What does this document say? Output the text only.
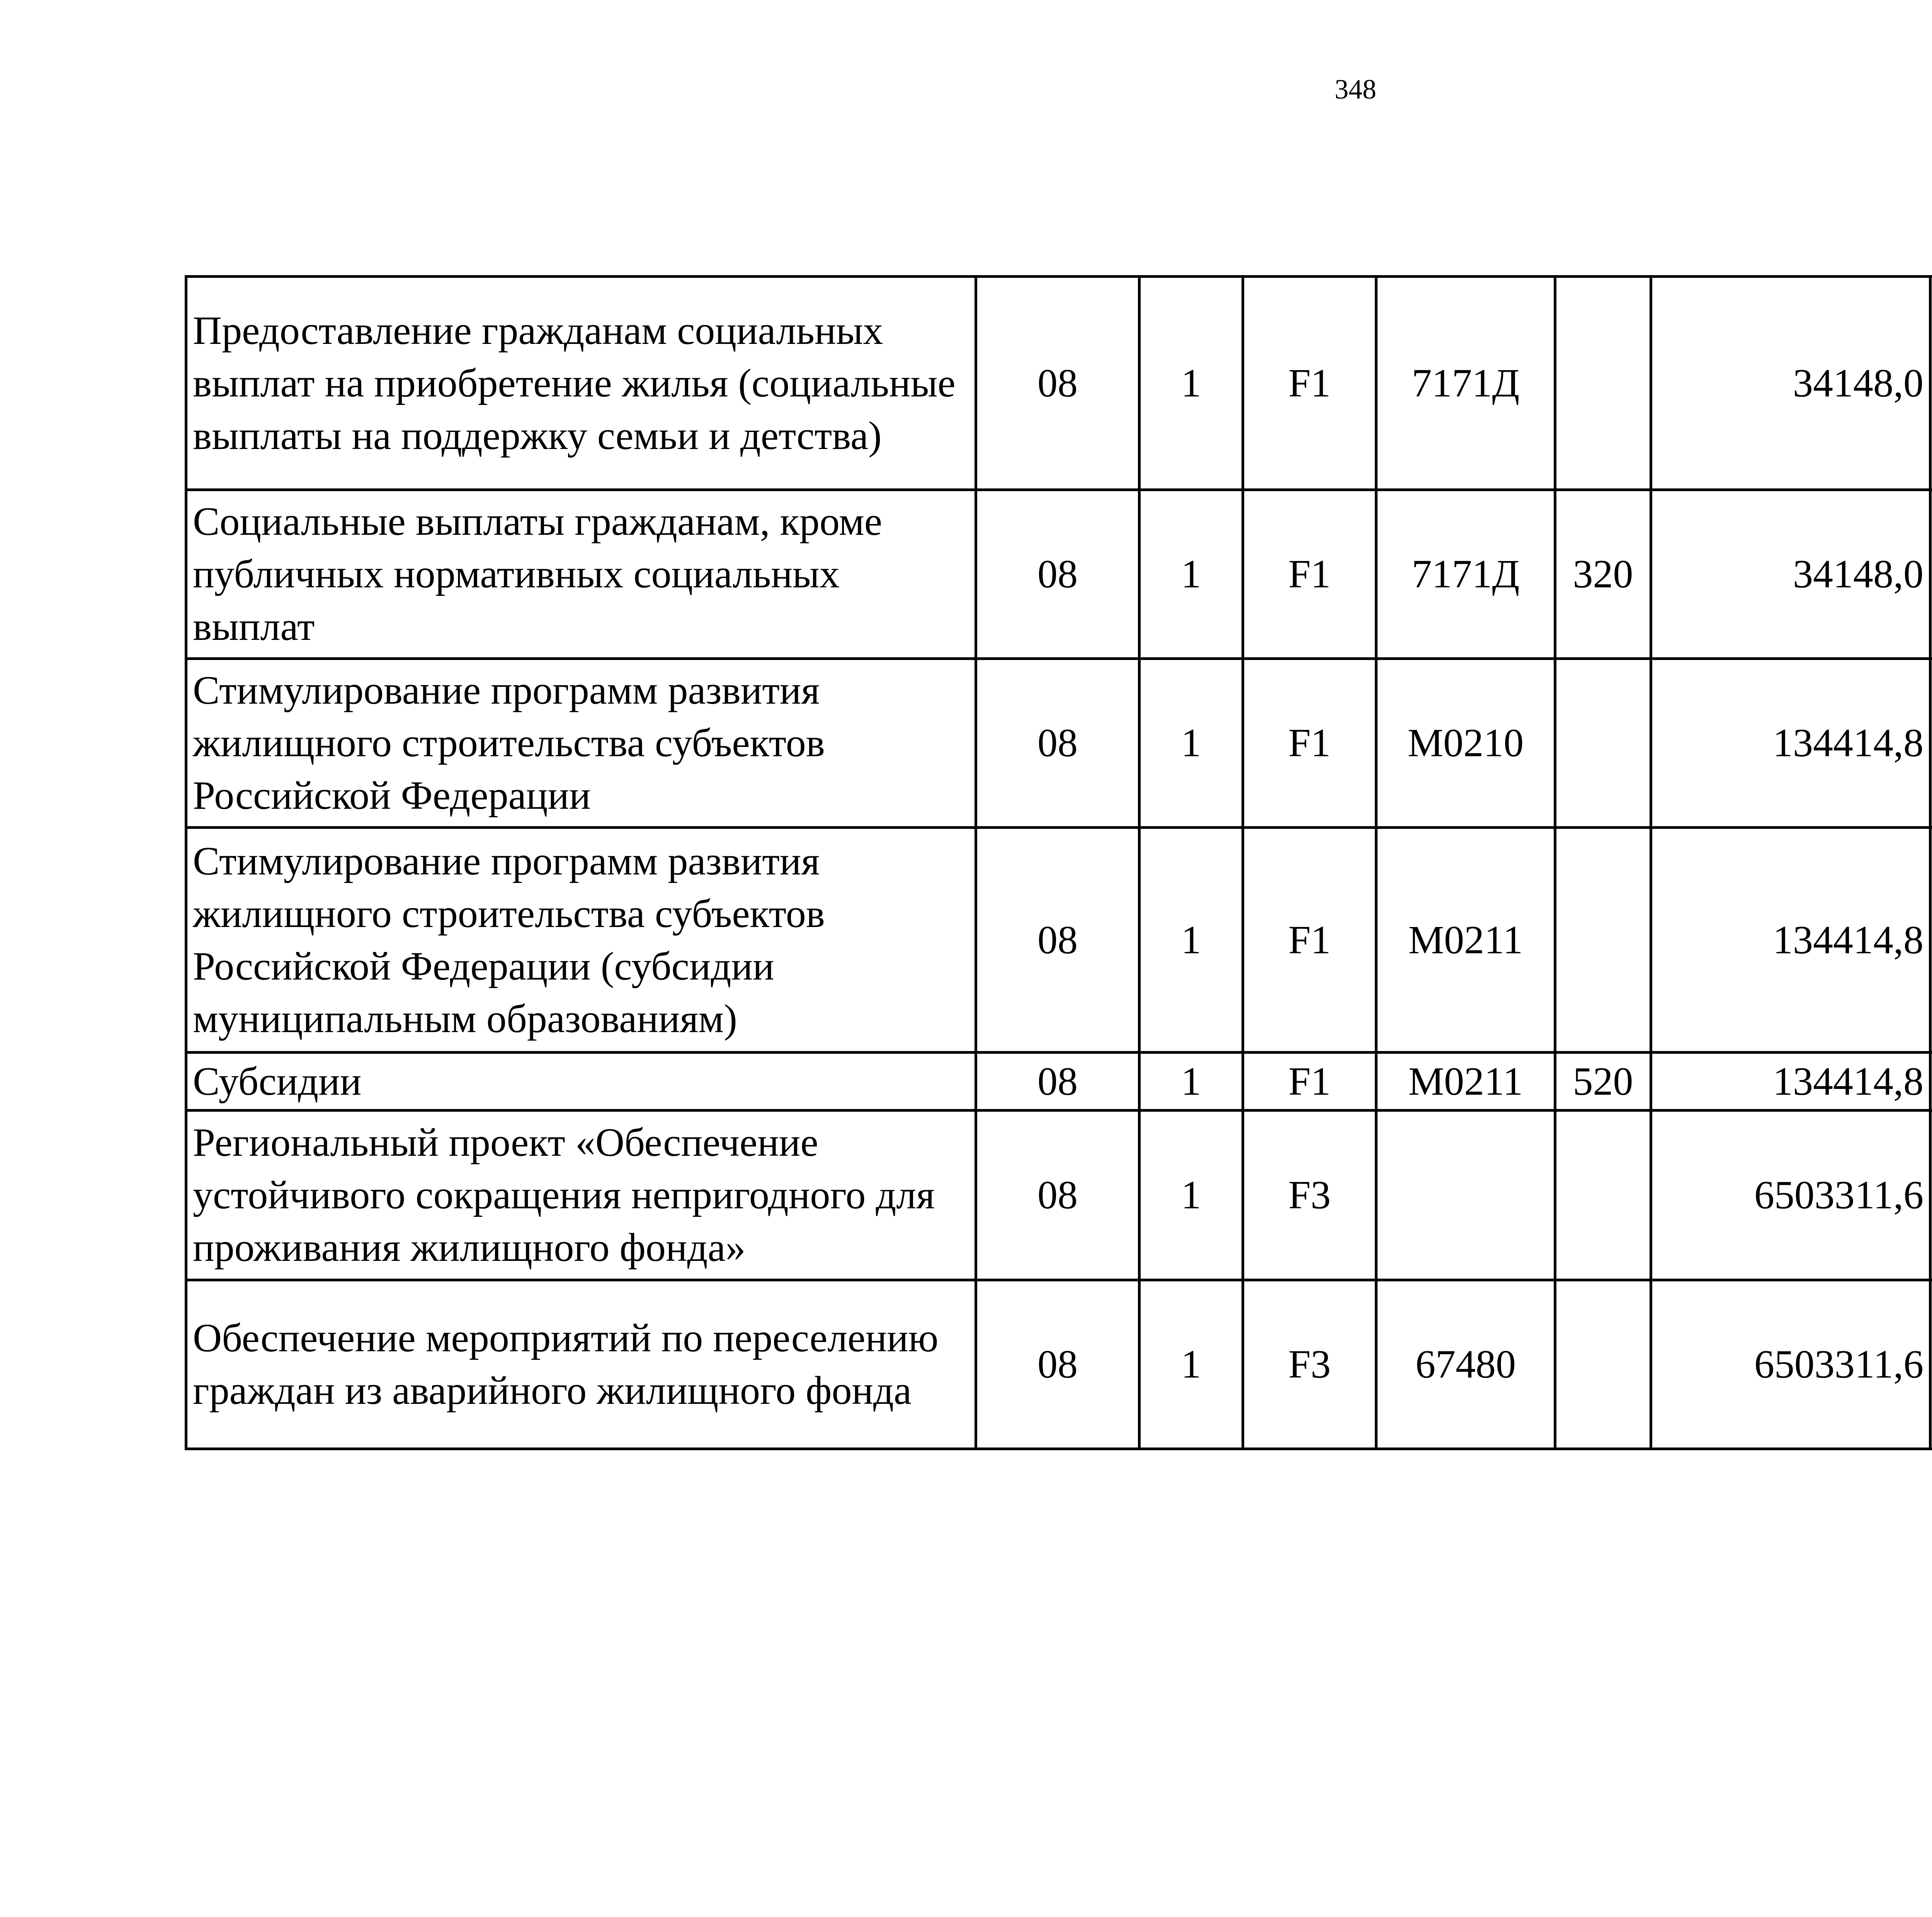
348
Предоставление гражданам социальных выплат на приобретение жилья (социальные выплаты на поддержку семьи и детства)	08	1	F1	7171Д		34148,0		
Социальные выплаты гражданам, кроме публичных нормативных социальных выплат	08	1	F1	7171Д	320	34148,0		
Стимулирование программ развития жилищного строительства субъектов Российской Федерации	08	1	F1	M0210		134414,8		
Стимулирование программ развития жилищного строительства субъектов Российской Федерации (субсидии муниципальным образованиям)	08	1	F1	M0211		134414,8		
Субсидии	08	1	F1	M0211	520	134414,8		
Региональный проект «Обеспечение устойчивого сокращения непригодного для проживания жилищного фонда»	08	1	F3			6503311,6		
Обеспечение мероприятий по переселению граждан из аварийного жилищного фонда	08	1	F3	67480		6503311,6		
